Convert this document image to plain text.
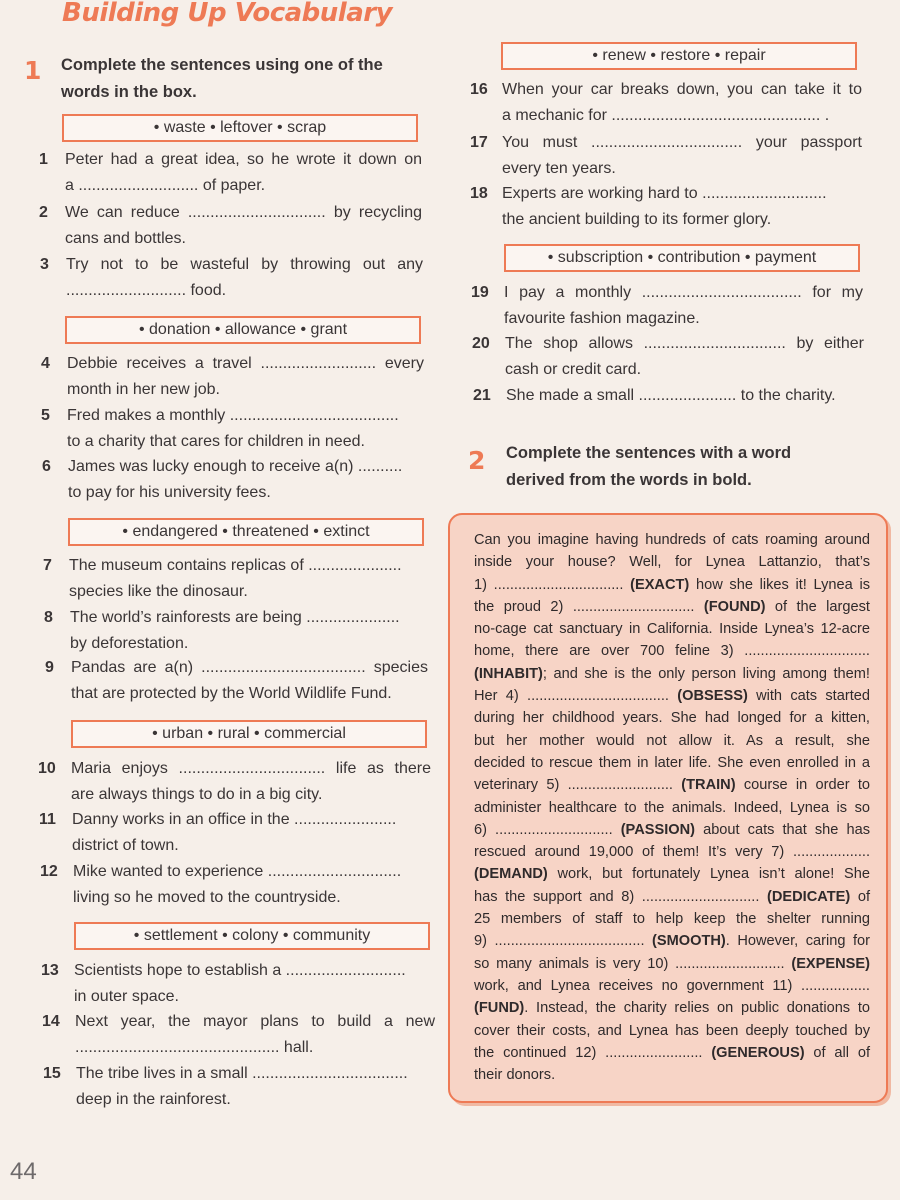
Building Up Vocabulary
1 Complete the sentences using one of the
words in the box.
• waste • leftover • scrap
• donation • allowance • grant
• endangered • threatened • extinct
• urban • rural • commercial
• settlement • colony • community
• renew • restore • repair
• subscription • contribution • payment
1 Peter had a great idea, so he wrote it down on
a ........................... of paper.
2 We can reduce ............................... by recycling
cans and bottles.
3 Try not to be wasteful by throwing out any
........................... food.
4 Debbie receives a travel .......................... every
month in her new job.
5 Fred makes a monthly ......................................
to a charity that cares for children in need.
6 James was lucky enough to receive a(n) ..........
to pay for his university fees.
7 The museum contains replicas of .....................
species like the dinosaur.
8 The world’s rainforests are being .....................
by deforestation.
9 Pandas are a(n) ..................................... species
that are protected by the World Wildlife Fund.
10 Maria enjoys ................................. life as there
are always things to do in a big city.
11 Danny works in an office in the .......................
district of town.
12 Mike wanted to experience ..............................
living so he moved to the countryside.
13 Scientists hope to establish a ...........................
in outer space.
14 Next year, the mayor plans to build a new
.............................................. hall.
15 The tribe lives in a small ...................................
deep in the rainforest.
16 When your car breaks down, you can take it to
a mechanic for ............................................... .
17 You must .................................. your passport
every ten years.
18 Experts are working hard to ............................
the ancient building to its former glory.
19 I pay a monthly .................................... for my
favourite fashion magazine.
20 The shop allows ................................ by either
cash or credit card.
21 She made a small ...................... to the charity.
2 Complete the sentences with a word
derived from the words in bold.
Can you imagine having hundreds of cats roaming around
inside your house? Well, for Lynea Lattanzio, that’s
1) ................................ (EXACT) how she likes it! Lynea is
the proud 2) .............................. (FOUND) of the largest
no-cage cat sanctuary in California. Inside Lynea’s 12-acre
home, there are over 700 feline 3) ...............................
(INHABIT); and she is the only person living among them!
Her 4) ................................... (OBSESS) with cats started
during her childhood years. She had longed for a kitten,
but her mother would not allow it. As a result, she
decided to rescue them in later life. She even enrolled in a
veterinary 5) .......................... (TRAIN) course in order to
administer healthcare to the animals. Indeed, Lynea is so
6) ............................. (PASSION) about cats that she has
rescued around 19,000 of them! It’s very 7) ...................
(DEMAND) work, but fortunately Lynea isn’t alone! She
has the support and 8) ............................. (DEDICATE) of
25 members of staff to help keep the shelter running
9) ..................................... (SMOOTH). However, caring for
so many animals is very 10) ........................... (EXPENSE)
work, and Lynea receives no government 11) .................
(FUND). Instead, the charity relies on public donations to
cover their costs, and Lynea has been deeply touched by
the continued 12) ........................ (GENEROUS) of all of
their donors.
44
